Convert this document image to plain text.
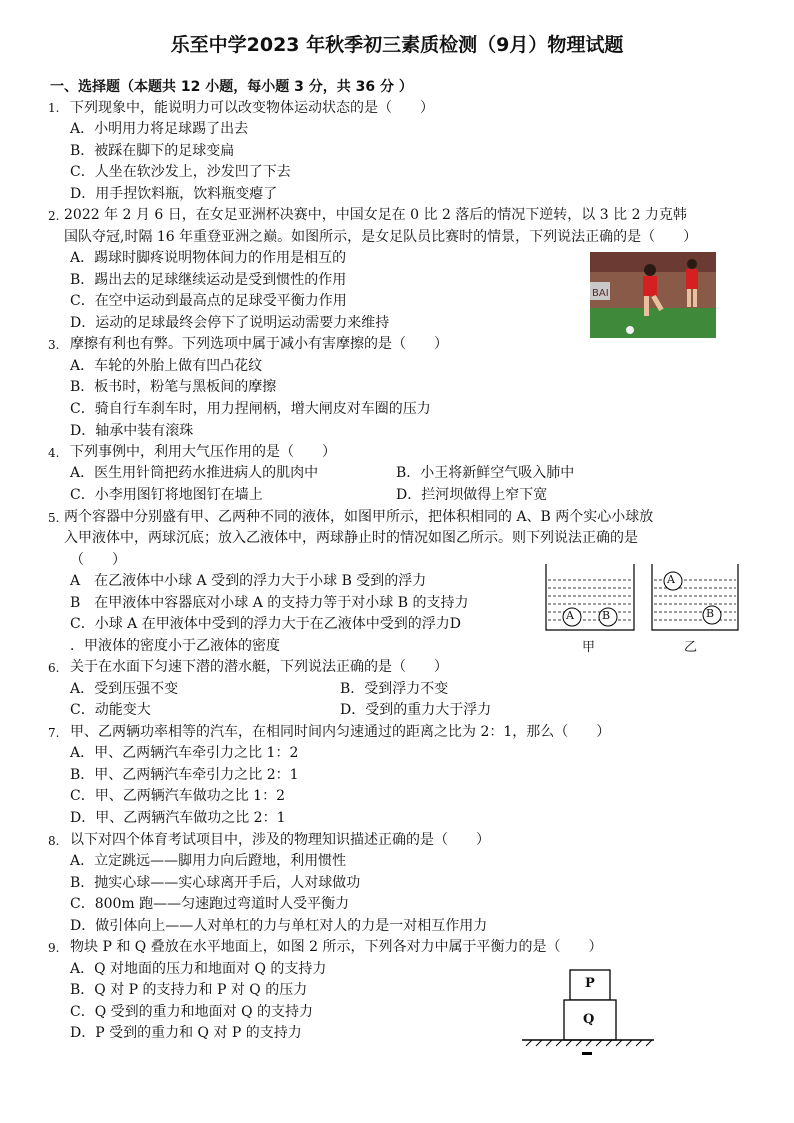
乐至中学2023 年秋季初三素质检测（9月）物理试题
一、选择题（本题共 12 小题，每小题 3 分，共 36 分 ）
1. 下列现象中，能说明力可以改变物体运动状态的是（　　）
A．小明用力将足球踢了出去
B．被踩在脚下的足球变扁
C．人坐在软沙发上，沙发凹了下去
D．用手捏饮料瓶，饮料瓶变瘪了
2. 2022 年 2 月 6 日，在女足亚洲杯决赛中，中国女足在 0 比 2 落后的情况下逆转，以 3 比 2 力克韩
国队夺冠,时隔 16 年重登亚洲之巅。如图所示，是女足队员比赛时的情景，下列说法正确的是（　　）
A．踢球时脚疼说明物体间力的作用是相互的
B．踢出去的足球继续运动是受到惯性的作用
C．在空中运动到最高点的足球受平衡力作用
D．运动的足球最终会停下了说明运动需要力来维持
BAI
3. 摩擦有利也有弊。下列选项中属于减小有害摩擦的是（　　）
A．车轮的外胎上做有凹凸花纹
B．板书时，粉笔与黑板间的摩擦
C．骑自行车刹车时，用力捏闸柄，增大闸皮对车圈的压力
D．轴承中装有滚珠
4. 下列事例中，利用大气压作用的是（　　）
A．医生用针筒把药水推进病人的肌肉中	B．小王将新鲜空气吸入肺中
C．小李用图钉将地图钉在墙上	D．拦河坝做得上窄下宽
5. 两个容器中分别盛有甲、乙两种不同的液体，如图甲所示，把体积相同的 A、B 两个实心小球放
入甲液体中，两球沉底；放入乙液体中，两球静止时的情况如图乙所示。则下列说法正确的是
（　　）
A　在乙液体中小球 A 受到的浮力大于小球 B 受到的浮力
B　在甲液体中容器底对小球 A 的支持力等于对小球 B 的支持力
C．小球 A 在甲液体中受到的浮力大于在乙液体中受到的浮力D
．甲液体的密度小于乙液体的密度
A	B
A
B
甲	乙
6. 关于在水面下匀速下潜的潜水艇，下列说法正确的是（　　）
A．受到压强不变	B．受到浮力不变
C．动能变大	D．受到的重力大于浮力
7. 甲、乙两辆功率相等的汽车，在相同时间内匀速通过的距离之比为 2：1，那么（　　）
A．甲、乙两辆汽车牵引力之比 1：2
B．甲、乙两辆汽车牵引力之比 2：1
C．甲、乙两辆汽车做功之比 1：2
D．甲、乙两辆汽车做功之比 2：1
8. 以下对四个体育考试项目中，涉及的物理知识描述正确的是（　　）
A．立定跳远——脚用力向后蹬地，利用惯性
B．抛实心球——实心球离开手后，人对球做功
C．800m 跑——匀速跑过弯道时人受平衡力
D．做引体向上——人对单杠的力与单杠对人的力是一对相互作用力
9. 物块 P 和 Q 叠放在水平地面上，如图 2 所示，下列各对力中属于平衡力的是（　　）
A．Q 对地面的压力和地面对 Q 的支持力
B．Q 对 P 的支持力和 P 对 Q 的压力
C．Q 受到的重力和地面对 Q 的支持力
D．P 受到的重力和 Q 对 P 的支持力
P
Q
